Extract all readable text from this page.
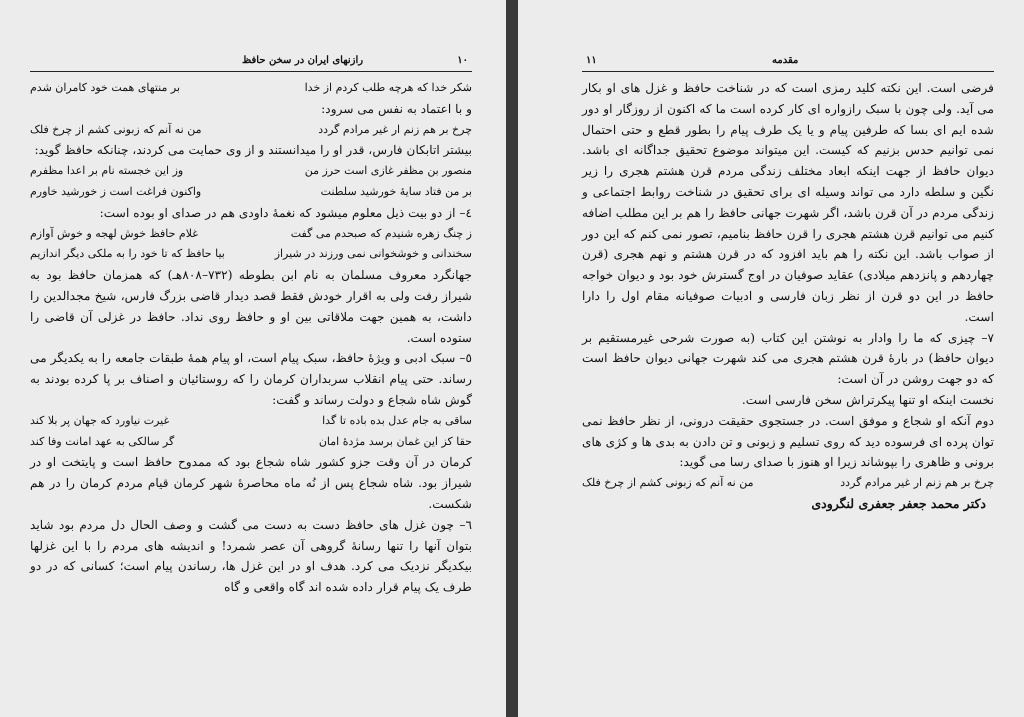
۱۰
رازنهای ایران در سخن حافظ
شکر خدا که هرچه طلب کردم از خدا
بر منتهای همت خود کامران شدم

و با اعتماد به نفس می سرود:

چرخ بر هم زنم ار غیر مرادم گردد
من نه آنم که زبونی کشم از چرخ فلک

بیشتر اتابکان فارس، قدر او را میدانستند و از وی حمایت می کردند، چنانکه حافظ گوید:

منصور بن مظفر غازی است حرز من
وز این خجسته نام بر اعدا مظفرم
بر من فتاد سایهٔ خورشید سلطنت
واکنون فراغت است ز خورشید خاورم

٤– از دو بیت ذیل معلوم میشود که نغمهٔ داودی هم در صدای او بوده است:

ز چنگ زهره شنیدم که صبحدم می گفت
غلام حافظ خوش لهجه و خوش آوازم
سخندانی و خوشخوانی نمی ورزند در شیراز
بیا حافظ که تا خود را به ملکی دیگر اندازیم

جهانگرد معروف مسلمان به نام ابن بطوطه (۷۳۲–۸۰۸هـ) که همزمان حافظ بود به شیراز رفت ولی به اقرار خودش فقط قصد دیدار قاضی بزرگ فارس، شیخ مجدالدین را داشت، به همین جهت ملاقاتی بین او و حافظ روی نداد. حافظ در غزلی آن قاضی را ستوده است.

٥– سبک ادبی و ویژهٔ حافظ، سبک پیام است، او پیام همهٔ طبقات جامعه را به یکدیگر می رساند. حتی پیام انقلاب سربداران کرمان را که روستائیان و اصناف بر پا کرده بودند به گوش شاه شجاع و دولت رساند و گفت:

ساقی به جام عدل بده باده تا گدا
غیرت نیاورد که جهان پر بلا کند
حقا کز این غمان برسد مژدهٔ امان
گر سالکی به عهد امانت وفا کند

کرمان در آن وقت جزو کشور شاه شجاع بود که ممدوح حافظ است و پایتخت او در شیراز بود. شاه شجاع پس از نُه ماه محاصرهٔ شهر کرمان قیام مردم کرمان را در هم شکست.

٦– چون غزل های حافظ دست به دست می گشت و وصف الحال دل مردم بود شاید بتوان آنها را تنها رسانهٔ گروهی آن عصر شمرد! و اندیشه های مردم را با این غزلها بیکدیگر نزدیک می کرد. هدف او در این غزل ها، رساندن پیام است؛ کسانی که در دو طرف یک پیام قرار داده شده اند گاه واقعی و گاه

۱۱	مقدمه

فرضی است. این نکته کلید رمزی است که در شناخت حافظ و غزل های او بکار می آید. ولی چون با سبک رازواره ای کار کرده است ما که اکنون از روزگار او دور شده ایم ای بسا که طرفین پیام و یا یک طرف پیام را بطور قطع و حتی احتمال نمی توانیم حدس بزنیم که کیست. این میتواند موضوع تحقیق جداگانه ای باشد. دیوان حافظ از جهت اینکه ابعاد مختلف زندگی مردم قرن هشتم هجری را زیر نگین و سلطه دارد می تواند وسیله ای برای تحقیق در شناخت روابط اجتماعی و زندگی مردم در آن قرن باشد، اگر شهرت جهانی حافظ را هم بر این مطلب اضافه کنیم می توانیم قرن هشتم هجری را قرن حافظ بنامیم، تصور نمی کنم که این دور از صواب باشد. این نکته را هم باید افزود که در قرن هشتم و نهم هجری (قرن چهاردهم و پانزدهم میلادی) عقاید صوفیان در اوج گسترش خود بود و دیوان خواجه حافظ در این دو قرن از نظر زبان فارسی و ادبیات صوفیانه مقام اول را دارا است.

٧– چیزی که ما را وادار به نوشتن این کتاب (به صورت شرحی غیرمستقیم بر دیوان حافظ) در بارهٔ قرن هشتم هجری می کند شهرت جهانی دیوان حافظ است که دو جهت روشن در آن است:

نخست اینکه او تنها پیکرتراش سخن فارسی است.

دوم آنکه او شجاع و موفق است. در جستجوی حقیقت درونی، از نظر حافظ نمی توان پرده ای فرسوده دید که روی تسلیم و زبونی و تن دادن به بدی ها و کژی های برونی و ظاهری را بپوشاند زیرا او هنوز با صدای رسا می گوید:

چرخ بر هم زنم ار غیر مرادم گردد
من نه آنم که زبونی کشم از چرخ فلک

دکتر محمد جعفر جعفری لنگرودی
